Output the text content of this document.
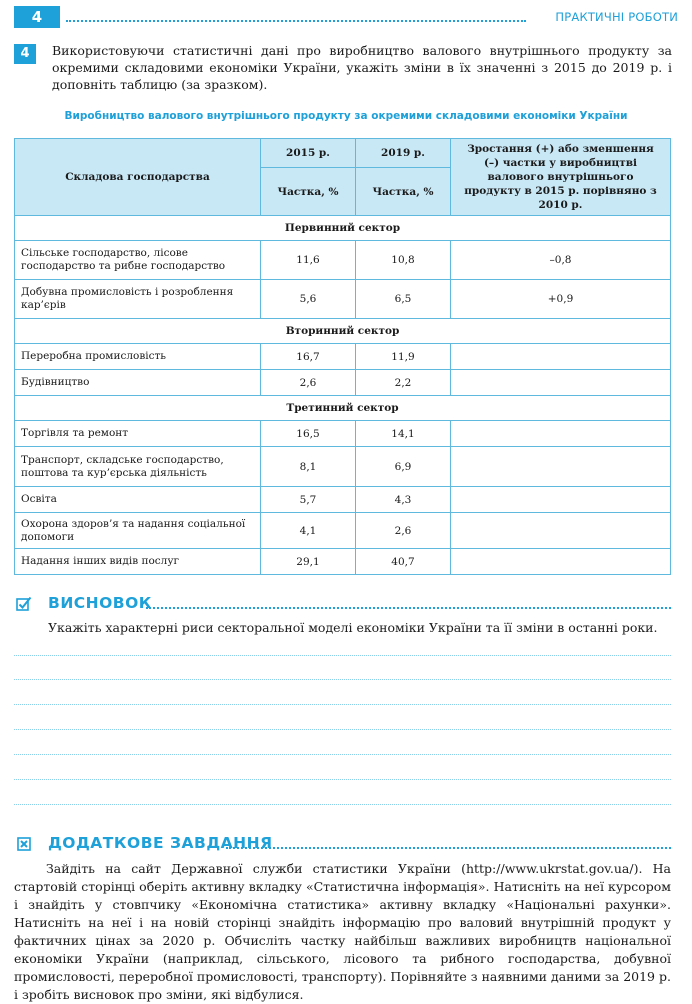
4	ПРАКТИЧНІ РОБОТИ
4	Використовуючи статистичні дані про виробництво валового внутрішнього продукту за окремими складовими економіки України, укажіть зміни в їх значенні з 2015 до 2019 р. і доповніть таблицю (за зразком).
Виробництво валового внутрішнього продукту за окремими складовими економіки України
Складова господарства	2015 р.	2019 р.	Зростання (+) або зменшення (–) частки у виробництві валового внутрішнього продукту в 2015 р. порівняно з 2010 р.
	Частка, %	Частка, %	
Первинний сектор			
Сільське господарство, лісове господарство та рибне господарство	11,6	10,8	–0,8
Добувна промисловість і розроблення кар’єрів	5,6	6,5	+0,9
Вторинний сектор			
Переробна промисловість	16,7	11,9	
Будівництво	2,6	2,2	
Третинний сектор			
Торгівля та ремонт	16,5	14,1	
Транспорт, складське господарство, поштова та кур’єрська діяльність	8,1	6,9	
Освіта	5,7	4,3	
Охорона здоров’я та надання соціальної допомоги	4,1	2,6	
Надання інших видів послуг	29,1	40,7	
ВИСНОВОК
Укажіть характерні риси секторальної моделі економіки України та її зміни в останні роки.
ДОДАТКОВЕ ЗАВДАННЯ
Зайдіть на сайт Державної служби статистики України (http://www.ukrstat.gov.ua/). На стартовій сторінці оберіть активну вкладку «Статистична інформація». Натисніть на неї курсором і знайдіть у стовпчику «Економічна статистика» активну вкладку «Національні рахунки». Натисніть на неї і на новій сторінці знайдіть інформацію про валовий внутрішній продукт у фактичних цінах за 2020 р. Обчисліть частку найбільш важливих виробництв національної економіки України (наприклад, сільського, лісового та рибного господарства, добувної промисловості, переробної промисловості, транспорту). Порівняйте з наявними даними за 2019 р. і зробіть висновок про зміни, які відбулися.
